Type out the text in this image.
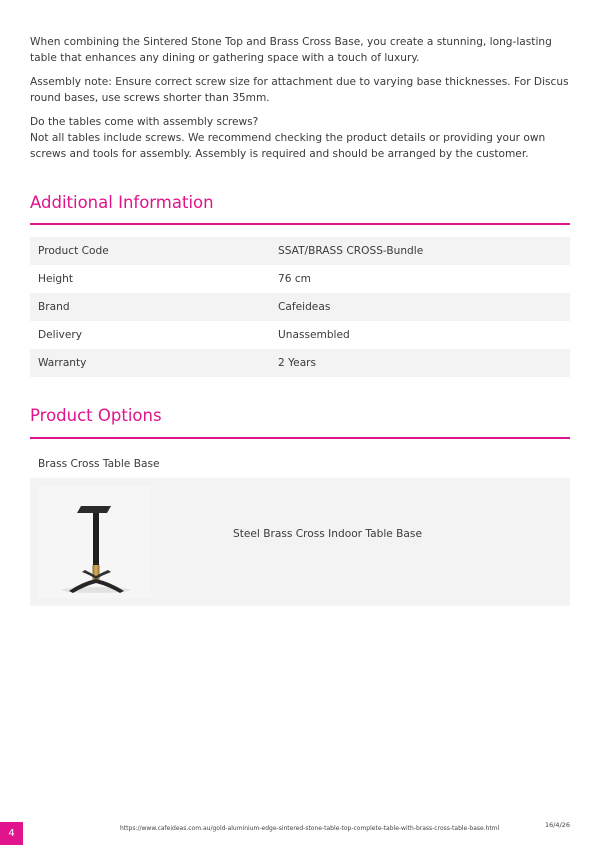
When combining the Sintered Stone Top and Brass Cross Base, you create a stunning, long-lasting table that enhances any dining or gathering space with a touch of luxury.

Assembly note: Ensure correct screw size for attachment due to varying base thicknesses. For Discus round bases, use screws shorter than 35mm.

Do the tables come with assembly screws?

Not all tables include screws. We recommend checking the product details or providing your own screws and tools for assembly. Assembly is required and should be arranged by the customer.

Additional Information
Product Code	SSAT/BRASS CROSS-Bundle
Height	76 cm
Brand	Cafeideas
Delivery	Unassembled
Warranty	2 Years
Product Options
Brass Cross Table Base
Steel Brass Cross Indoor Table Base
4	https://www.cafeideas.com.au/gold-aluminium-edge-sintered-stone-table-top-complete-table-with-brass-cross-table-base.html	16/4/26
